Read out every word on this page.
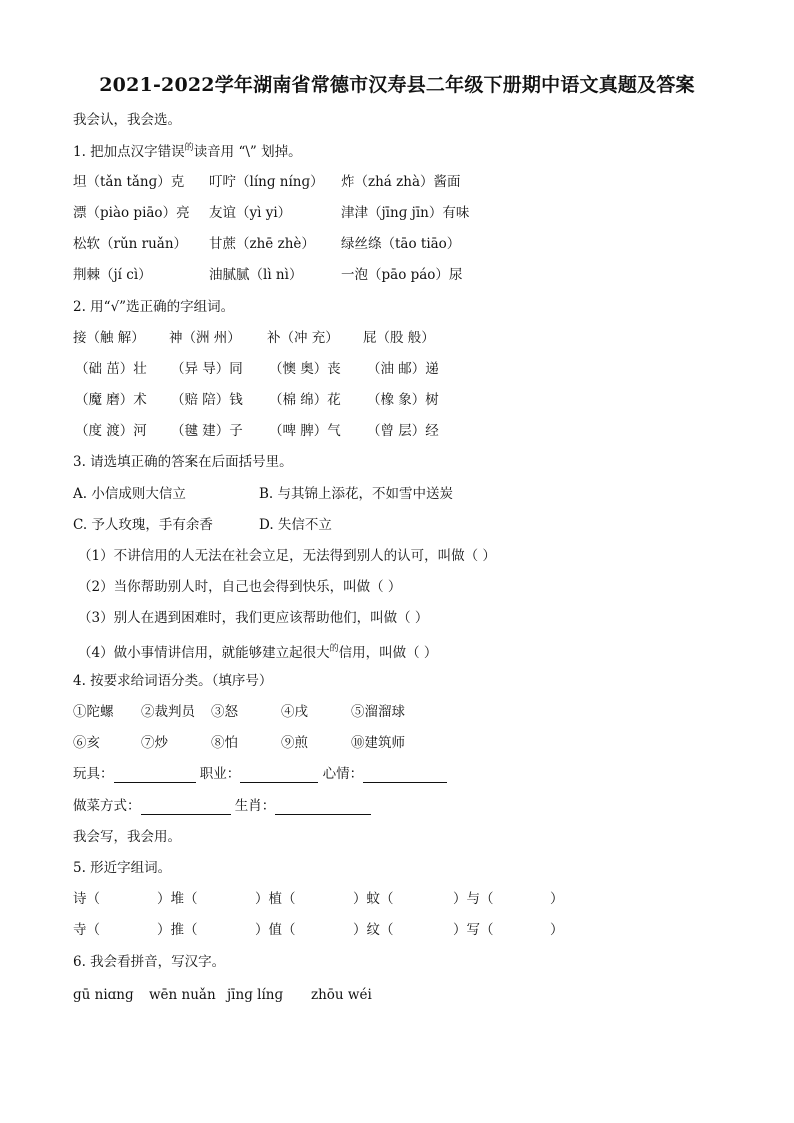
2021-2022学年湖南省常德市汉寿县二年级下册期中语文真题及答案
我会认，我会选。
1. 把加点汉字错误$^的$读音用 “\” 划掉。
坦（tǎn tǎnɡ）克 叮咛（línɡ nínɡ） 炸（zhá zhà）酱面
漂（piào piāo）亮 友谊（yì yi）	津津（jīnɡ jīn）有味
松软（rǔn ruǎn） 甘蔗（zhē zhè） 绿丝绦（tāo tiāo）
荆棘（jí cì）	油腻腻（lì nì）	一泡（pāo páo）尿
2. 用“√”选正确的字组词。
接（触 解） 神（洲 州） 补（冲 充） 屁（股 般）
（础 茁）壮 （异 导）同 （懊 奥）丧 （油 邮）递
（魔 磨）术 （赔 陪）钱 （棉 绵）花 （橡 象）树
（度 渡）河 （毽 建）子 （啤 脾）气 （曾 层）经
3. 请选填正确的答案在后面括号里。
A. 小信成则大信立	B. 与其锦上添花，不如雪中送炭
C. 予人玫瑰，手有余香	D. 失信不立
（1）不讲信用的人无法在社会立足，无法得到别人的认可，叫做（ ）
（2）当你帮助别人时，自己也会得到快乐，叫做（ ）
（3）别人在遇到困难时，我们更应该帮助他们，叫做（ ）
（4）做小事情讲信用，就能够建立起很大$^的$信用，叫做（ ）
4. 按要求给词语分类。（填序号）
①陀螺 ②裁判员 ③怒	④戌	⑤溜溜球
⑥亥	⑦炒	⑧怕	⑨煎	⑩建筑师
玩具：	职业：	心情：
做菜方式：	生肖：
我会写，我会用。
5. 形近字组词。
诗（	）堆（	）植（	）蚊（	）与（	）
寺（	）推（	）值（	）纹（	）写（	）
6. 我会看拼音，写汉字。
ɡū niɑnɡ wēn nuǎn jīnɡ línɡ zhōu wéi
